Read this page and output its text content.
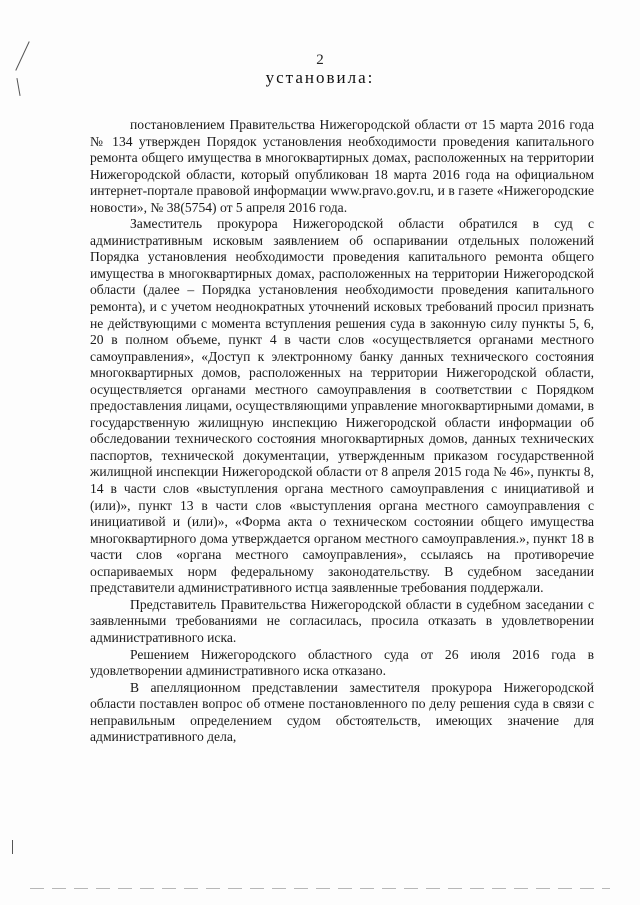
2
установила:

постановлением Правительства Нижегородской области от 15 марта 2016 года № 134 утвержден Порядок установления необходимости проведения капитального ремонта общего имущества в многоквартирных домах, расположенных на территории Нижегородской области, который опубликован 18 марта 2016 года на официальном интернет-портале правовой информации www.pravo.gov.ru, и в газете «Нижегородские новости», № 38(5754) от 5 апреля 2016 года.

Заместитель прокурора Нижегородской области обратился в суд с административным исковым заявлением об оспаривании отдельных положений Порядка установления необходимости проведения капитального ремонта общего имущества в многоквартирных домах, расположенных на территории Нижегородской области (далее – Порядка установления необходимости проведения капитального ремонта), и с учетом неоднократных уточнений исковых требований просил признать не действующими с момента вступления решения суда в законную силу пункты 5, 6, 20 в полном объеме, пункт 4 в части слов «осуществляется органами местного самоуправления», «Доступ к электронному банку данных технического состояния многоквартирных домов, расположенных на территории Нижегородской области, осуществляется органами местного самоуправления в соответствии с Порядком предоставления лицами, осуществляющими управление многоквартирными домами, в государственную жилищную инспекцию Нижегородской области информации об обследовании технического состояния многоквартирных домов, данных технических паспортов, технической документации, утвержденным приказом государственной жилищной инспекции Нижегородской области от 8 апреля 2015 года № 46», пункты 8, 14 в части слов «выступления органа местного самоуправления с инициативой и (или)», пункт 13 в части слов «выступления органа местного самоуправления с инициативой и (или)», «Форма акта о техническом состоянии общего имущества многоквартирного дома утверждается органом местного самоуправления.», пункт 18 в части слов «органа местного самоуправления», ссылаясь на противоречие оспариваемых норм федеральному законодательству. В судебном заседании представители административного истца заявленные требования поддержали.

Представитель Правительства Нижегородской области в судебном заседании с заявленными требованиями не согласилась, просила отказать в удовлетворении административного иска.

Решением Нижегородского областного суда от 26 июля 2016 года в удовлетворении административного иска отказано.

В апелляционном представлении заместителя прокурора Нижегородской области поставлен вопрос об отмене постановленного по делу решения суда в связи с неправильным определением судом обстоятельств, имеющих значение для административного дела,
